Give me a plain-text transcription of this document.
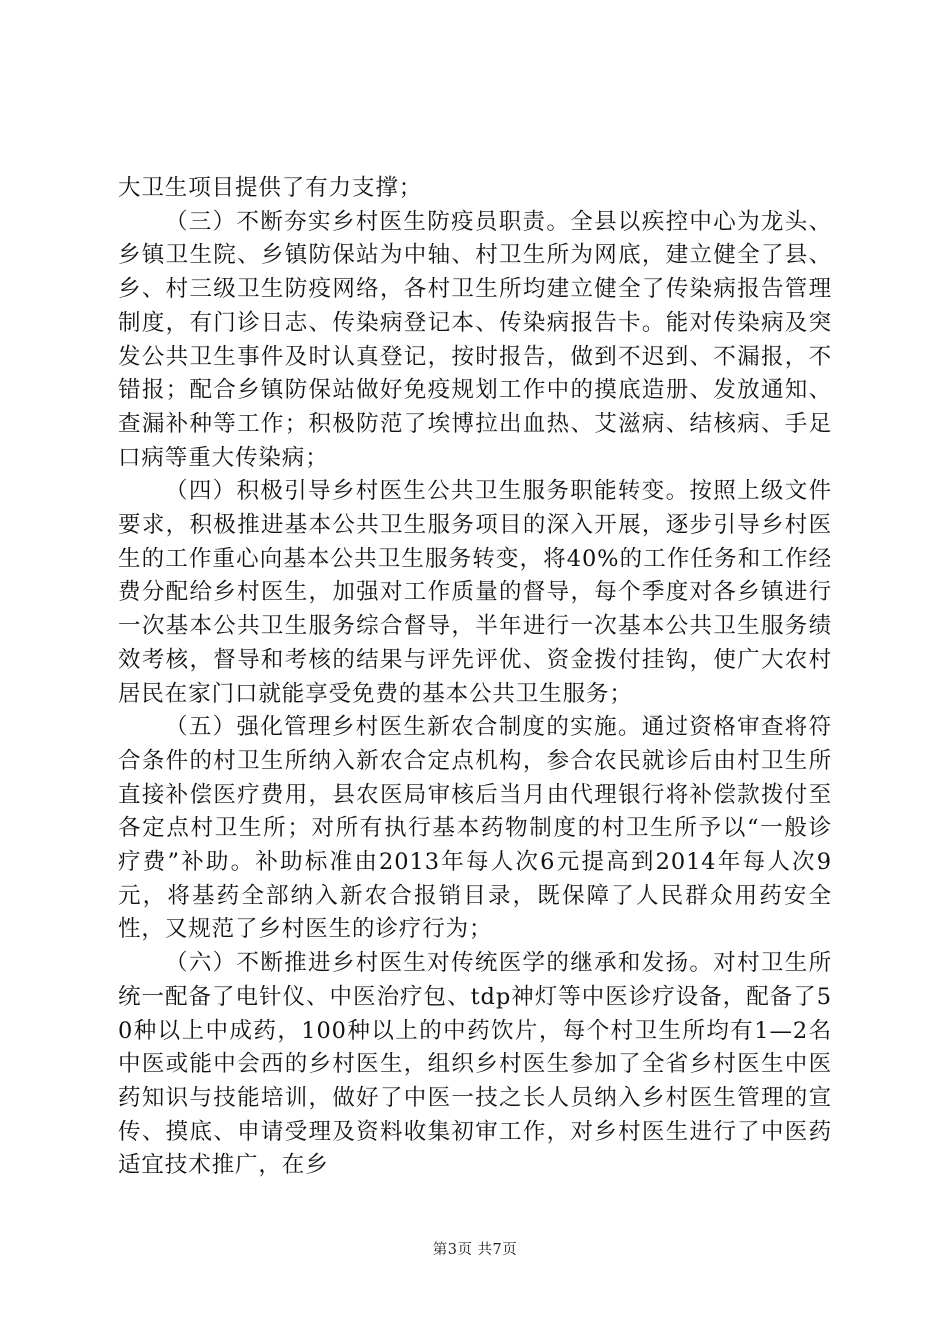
大卫生项目提供了有力支撑；

（三）不断夯实乡村医生防疫员职责。全县以疾控中心为龙头、乡镇卫生院、乡镇防保站为中轴、村卫生所为网底，建立健全了县、乡、村三级卫生防疫网络，各村卫生所均建立健全了传染病报告管理制度，有门诊日志、传染病登记本、传染病报告卡。能对传染病及突发公共卫生事件及时认真登记，按时报告，做到不迟到、不漏报，不错报；配合乡镇防保站做好免疫规划工作中的摸底造册、发放通知、查漏补种等工作；积极防范了埃博拉出血热、艾滋病、结核病、手足口病等重大传染病；

（四）积极引导乡村医生公共卫生服务职能转变。按照上级文件要求，积极推进基本公共卫生服务项目的深入开展，逐步引导乡村医生的工作重心向基本公共卫生服务转变，将40%的工作任务和工作经费分配给乡村医生，加强对工作质量的督导，每个季度对各乡镇进行一次基本公共卫生服务综合督导，半年进行一次基本公共卫生服务绩效考核，督导和考核的结果与评先评优、资金拨付挂钩，使广大农村居民在家门口就能享受免费的基本公共卫生服务；

（五）强化管理乡村医生新农合制度的实施。通过资格审查将符合条件的村卫生所纳入新农合定点机构，参合农民就诊后由村卫生所直接补偿医疗费用，县农医局审核后当月由代理银行将补偿款拨付至各定点村卫生所；对所有执行基本药物制度的村卫生所予以“一般诊疗费”补助。补助标准由2013年每人次6元提高到2014年每人次9元，将基药全部纳入新农合报销目录，既保障了人民群众用药安全性，又规范了乡村医生的诊疗行为；

（六）不断推进乡村医生对传统医学的继承和发扬。对村卫生所统一配备了电针仪、中医治疗包、tdp神灯等中医诊疗设备，配备了50种以上中成药，100种以上的中药饮片，每个村卫生所均有1—2名中医或能中会西的乡村医生，组织乡村医生参加了全省乡村医生中医药知识与技能培训，做好了中医一技之长人员纳入乡村医生管理的宣传、摸底、申请受理及资料收集初审工作，对乡村医生进行了中医药适宜技术推广，在乡

第3页 共7页
